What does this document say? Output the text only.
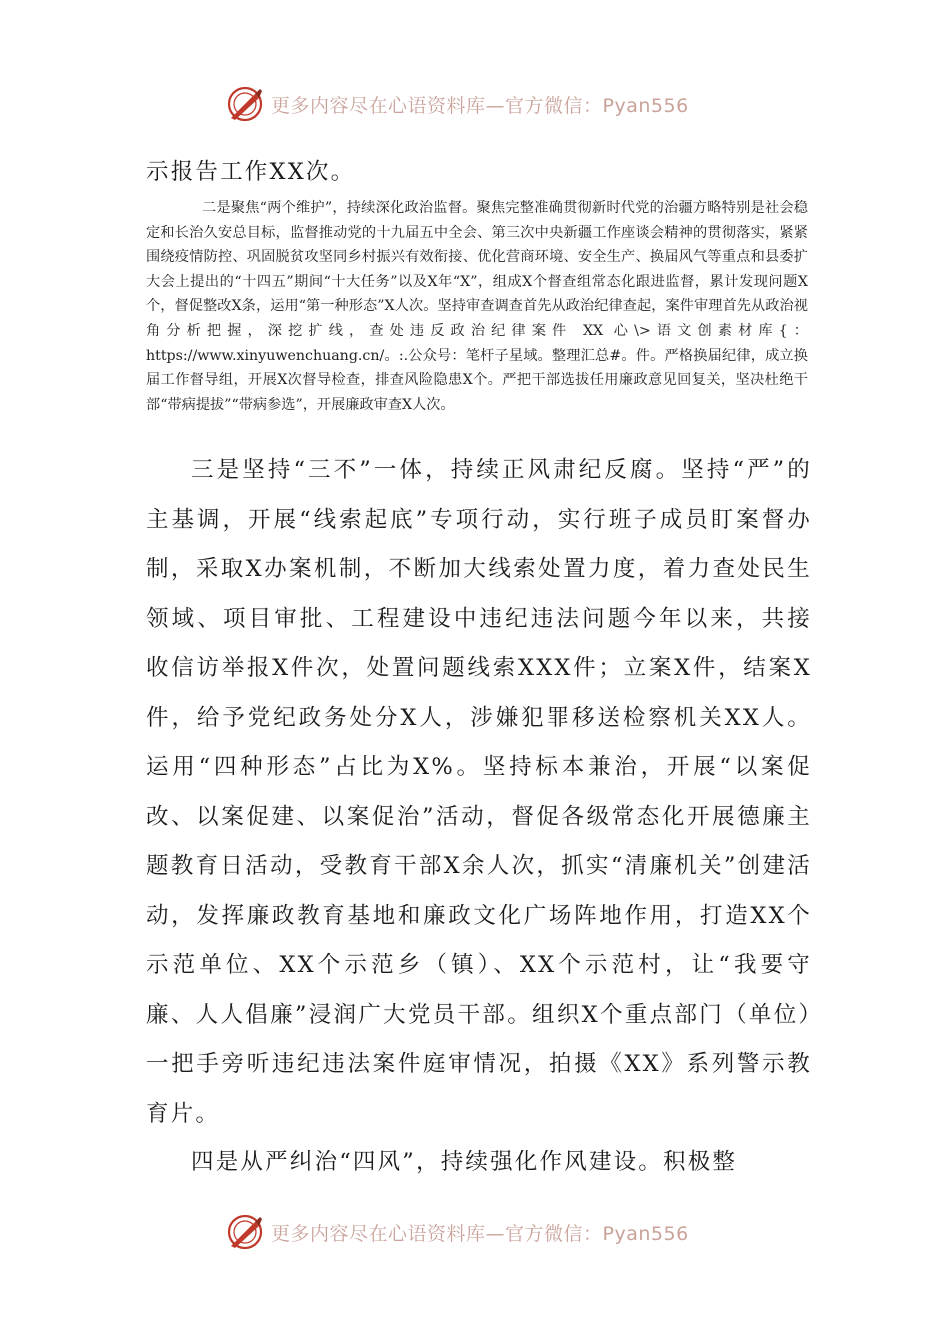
更多内容尽在心语资料库—官方微信：Pyan556

示报告工作XX次。

二是聚焦“两个维护”，持续深化政治监督。聚焦完整准确贯彻新时代党的治疆方略特别是社会稳定和长治久安总目标，监督推动党的十九届五中全会、第三次中央新疆工作座谈会精神的贯彻落实，紧紧围绕疫情防控、巩固脱贫攻坚同乡村振兴有效衔接、优化营商环境、安全生产、换届风气等重点和县委扩大会上提出的“十四五”期间“十大任务”以及X年“X”，组成X个督查组常态化跟进监督，累计发现问题X个，督促整改X条，运用“第一种形态”X人次。坚持审查调查首先从政治纪律查起，案件审理首先从政治视角分析把握，深挖扩线，查处违反政治纪律案件 XX 心\>语文创素材库{：https://www.xinyuwenchuang.cn/。:.公众号：笔杆子星域。整理汇总#。件。严格换届纪律，成立换届工作督导组，开展X次督导检查，排查风险隐患X个。严把干部选拔任用廉政意见回复关，坚决杜绝干部“带病提拔”“带病参选”，开展廉政审查X人次。

三是坚持“三不”一体，持续正风肃纪反腐。坚持“严”的主基调，开展“线索起底”专项行动，实行班子成员盯案督办制，采取X办案机制，不断加大线索处置力度，着力查处民生领域、项目审批、工程建设中违纪违法问题今年以来，共接收信访举报X件次，处置问题线索XXX件；立案X件，结案X件，给予党纪政务处分X人，涉嫌犯罪移送检察机关XX人。运用“四种形态”占比为X%。坚持标本兼治，开展“以案促改、以案促建、以案促治”活动，督促各级常态化开展德廉主题教育日活动，受教育干部X余人次，抓实“清廉机关”创建活动，发挥廉政教育基地和廉政文化广场阵地作用，打造XX个示范单位、XX个示范乡（镇）、XX个示范村，让“我要守廉、人人倡廉”浸润广大党员干部。组织X个重点部门（单位）一把手旁听违纪违法案件庭审情况，拍摄《XX》系列警示教育片。

四是从严纠治“四风”，持续强化作风建设。积极整

更多内容尽在心语资料库—官方微信：Pyan556
